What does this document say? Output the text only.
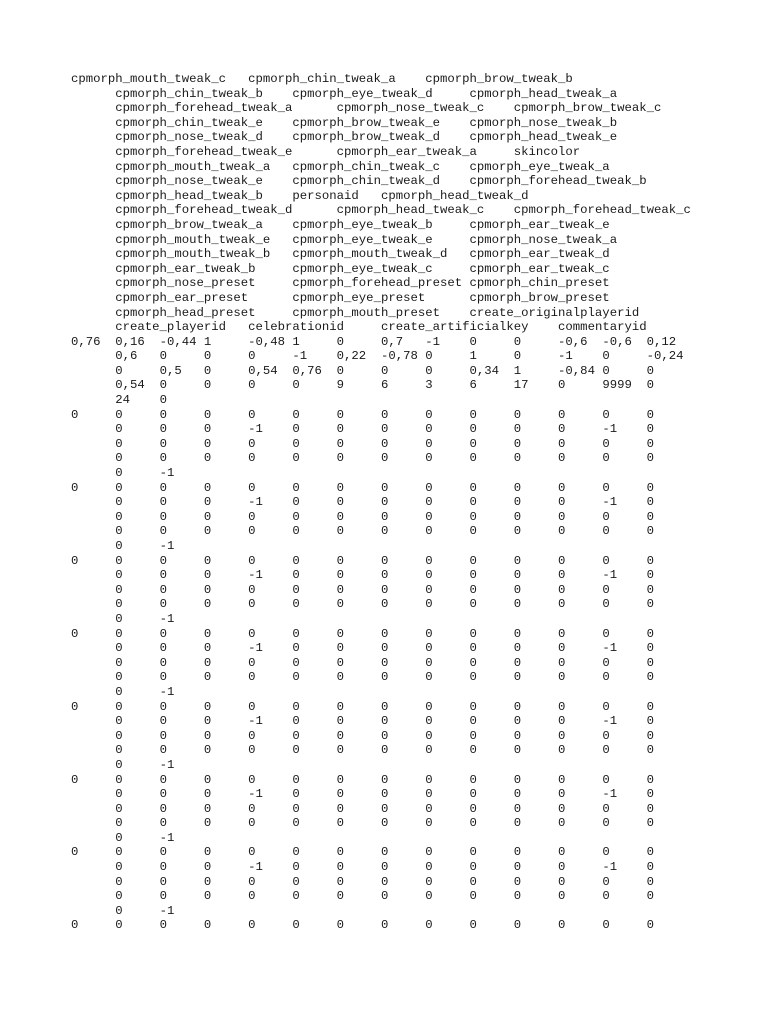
cpmorph_mouth_tweak_c	cpmorph_chin_tweak_a	cpmorph_brow_tweak_b
	cpmorph_chin_tweak_b	cpmorph_eye_tweak_d	cpmorph_head_tweak_a
	cpmorph_forehead_tweak_a	cpmorph_nose_tweak_c	cpmorph_brow_tweak_c
	cpmorph_chin_tweak_e	cpmorph_brow_tweak_e	cpmorph_nose_tweak_b
	cpmorph_nose_tweak_d	cpmorph_brow_tweak_d	cpmorph_head_tweak_e
	cpmorph_forehead_tweak_e	cpmorph_ear_tweak_a	skincolor
	cpmorph_mouth_tweak_a	cpmorph_chin_tweak_c	cpmorph_eye_tweak_a
	cpmorph_nose_tweak_e	cpmorph_chin_tweak_d	cpmorph_forehead_tweak_b
	cpmorph_head_tweak_b	personaid	cpmorph_head_tweak_d
	cpmorph_forehead_tweak_d	cpmorph_head_tweak_c	cpmorph_forehead_tweak_c
	cpmorph_brow_tweak_a	cpmorph_eye_tweak_b	cpmorph_ear_tweak_e
	cpmorph_mouth_tweak_e	cpmorph_eye_tweak_e	cpmorph_nose_tweak_a
	cpmorph_mouth_tweak_b	cpmorph_mouth_tweak_d	cpmorph_ear_tweak_d
	cpmorph_ear_tweak_b	cpmorph_eye_tweak_c	cpmorph_ear_tweak_c
	cpmorph_nose_preset	cpmorph_forehead_preset	cpmorph_chin_preset
	cpmorph_ear_preset	cpmorph_eye_preset	cpmorph_brow_preset
	cpmorph_head_preset	cpmorph_mouth_preset	create_originalplayerid
	create_playerid	celebrationid	create_artificialkey	commentaryid
0,76	0,16	-0,44	1	-0,48	1	0	0,7	-1	0	0	-0,6	-0,6	0,12
	0,6	0	0	0	-1	0,22	-0,78	0	1	0	-1	0	-0,24
	0	0,5	0	0,54	0,76	0	0	0	0,34	1	-0,84	0	0
	0,54	0	0	0	0	9	6	3	6	17	0	9999	0
	24	0
0	0	0	0	0	0	0	0	0	0	0	0	0	0
	0	0	0	-1	0	0	0	0	0	0	0	-1	0
	0	0	0	0	0	0	0	0	0	0	0	0	0
	0	0	0	0	0	0	0	0	0	0	0	0	0
	0	-1
0	0	0	0	0	0	0	0	0	0	0	0	0	0
	0	0	0	-1	0	0	0	0	0	0	0	-1	0
	0	0	0	0	0	0	0	0	0	0	0	0	0
	0	0	0	0	0	0	0	0	0	0	0	0	0
	0	-1
0	0	0	0	0	0	0	0	0	0	0	0	0	0
	0	0	0	-1	0	0	0	0	0	0	0	-1	0
	0	0	0	0	0	0	0	0	0	0	0	0	0
	0	0	0	0	0	0	0	0	0	0	0	0	0
	0	-1
0	0	0	0	0	0	0	0	0	0	0	0	0	0
	0	0	0	-1	0	0	0	0	0	0	0	-1	0
	0	0	0	0	0	0	0	0	0	0	0	0	0
	0	0	0	0	0	0	0	0	0	0	0	0	0
	0	-1
0	0	0	0	0	0	0	0	0	0	0	0	0	0
	0	0	0	-1	0	0	0	0	0	0	0	-1	0
	0	0	0	0	0	0	0	0	0	0	0	0	0
	0	0	0	0	0	0	0	0	0	0	0	0	0
	0	-1
0	0	0	0	0	0	0	0	0	0	0	0	0	0
	0	0	0	-1	0	0	0	0	0	0	0	-1	0
	0	0	0	0	0	0	0	0	0	0	0	0	0
	0	0	0	0	0	0	0	0	0	0	0	0	0
	0	-1
0	0	0	0	0	0	0	0	0	0	0	0	0	0
	0	0	0	-1	0	0	0	0	0	0	0	-1	0
	0	0	0	0	0	0	0	0	0	0	0	0	0
	0	0	0	0	0	0	0	0	0	0	0	0	0
	0	-1
0	0	0	0	0	0	0	0	0	0	0	0	0	0
